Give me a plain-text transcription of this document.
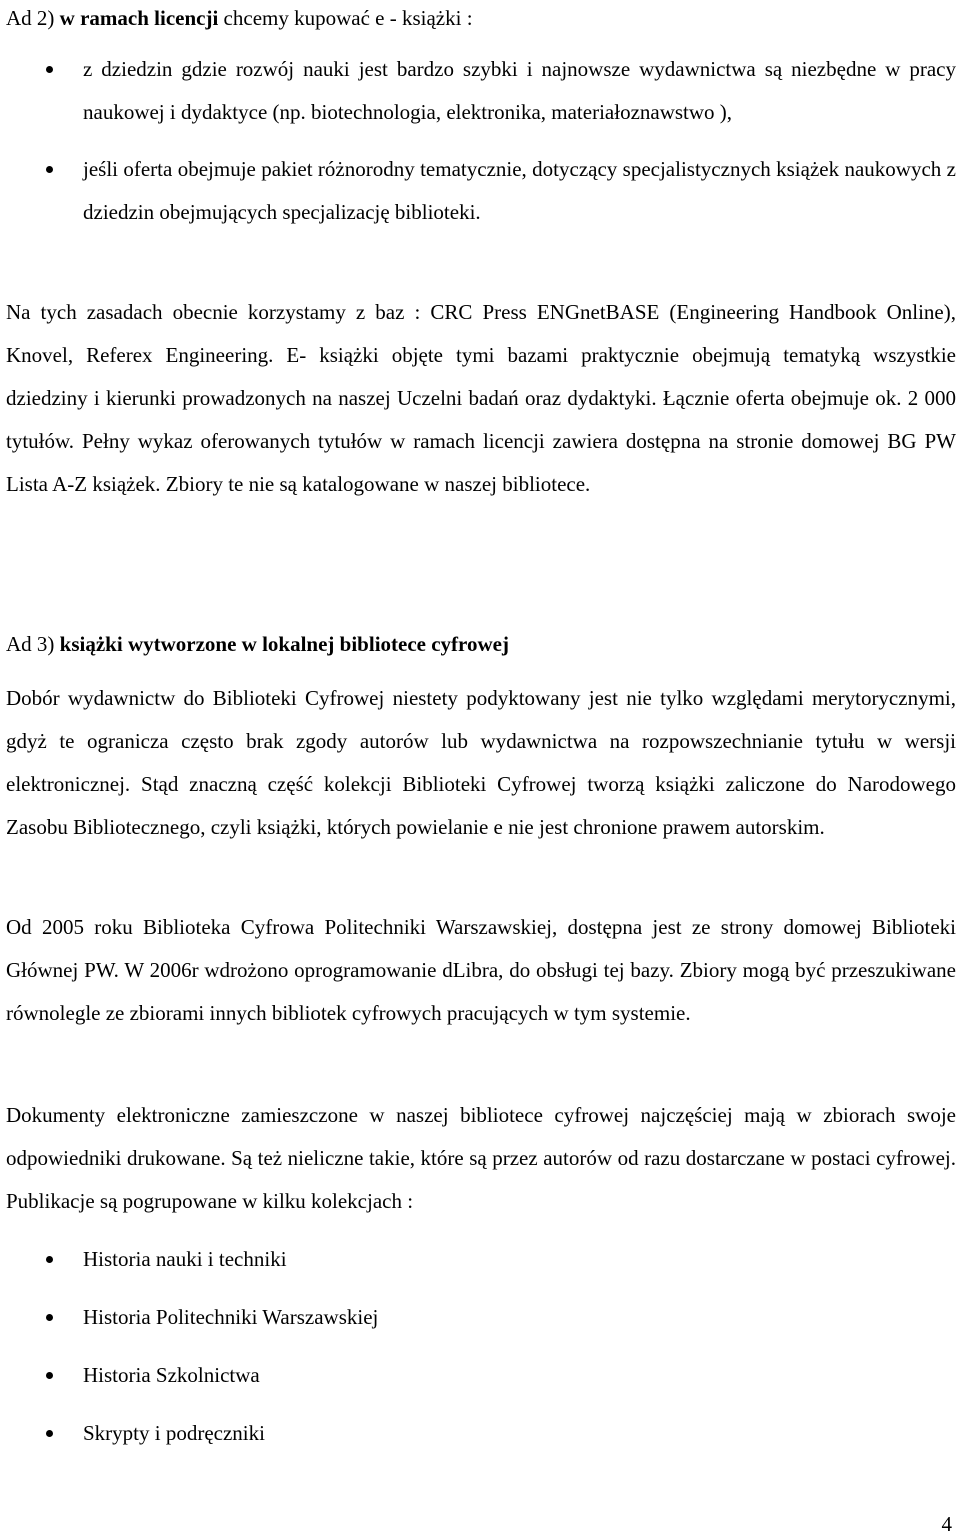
Ad 2) w ramach licencji chcemy kupować e - książki :
z dziedzin gdzie rozwój nauki jest bardzo szybki i najnowsze wydawnictwa są niezbędne w pracy naukowej i dydaktyce (np. biotechnologia, elektronika, materiałoznawstwo ),
jeśli oferta obejmuje pakiet różnorodny tematycznie, dotyczący specjalistycznych książek naukowych z dziedzin obejmujących specjalizację biblioteki.

Na tych zasadach obecnie korzystamy z baz : CRC Press ENGnetBASE (Engineering Handbook Online), Knovel, Referex Engineering. E- książki objęte tymi bazami praktycznie obejmują tematyką wszystkie dziedziny i kierunki prowadzonych na naszej Uczelni badań oraz dydaktyki. Łącznie oferta obejmuje ok. 2 000 tytułów. Pełny wykaz oferowanych tytułów w ramach licencji zawiera dostępna na stronie domowej BG PW Lista A-Z książek. Zbiory te nie są katalogowane w naszej bibliotece.

Ad 3) książki wytworzone w lokalnej bibliotece cyfrowej

Dobór wydawnictw do Biblioteki Cyfrowej niestety podyktowany jest nie tylko względami merytorycznymi, gdyż te ogranicza często brak zgody autorów lub wydawnictwa na rozpowszechnianie tytułu w wersji elektronicznej. Stąd znaczną część kolekcji Biblioteki Cyfrowej tworzą książki zaliczone do Narodowego Zasobu Bibliotecznego, czyli książki, których powielanie e nie jest chronione prawem autorskim.

Od 2005 roku Biblioteka Cyfrowa Politechniki Warszawskiej, dostępna jest ze strony domowej Biblioteki Głównej PW. W 2006r wdrożono oprogramowanie dLibra, do obsługi tej bazy. Zbiory mogą być przeszukiwane równolegle ze zbiorami innych bibliotek cyfrowych pracujących w tym systemie.

Dokumenty elektroniczne zamieszczone w naszej bibliotece cyfrowej najczęściej mają w zbiorach swoje odpowiedniki drukowane. Są też nieliczne takie, które są przez autorów od razu dostarczane w postaci cyfrowej. Publikacje są pogrupowane w kilku kolekcjach :

Historia nauki i techniki
Historia Politechniki Warszawskiej
Historia Szkolnictwa
Skrypty i podręczniki
4
